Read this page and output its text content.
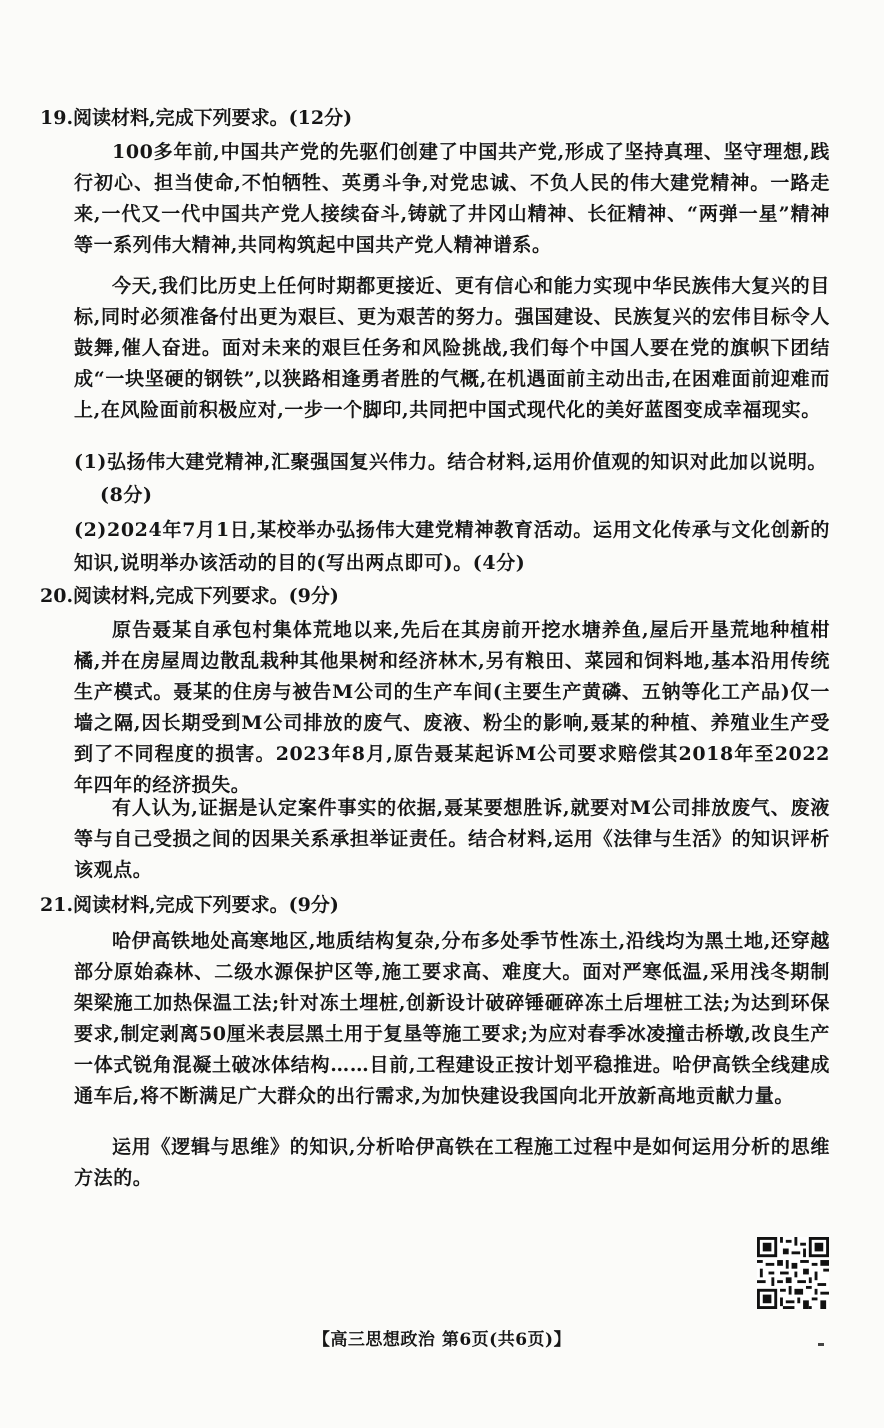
19.阅读材料,完成下列要求。(12分)
100多年前,中国共产党的先驱们创建了中国共产党,形成了坚持真理、坚守理想,践行初心、担当使命,不怕牺牲、英勇斗争,对党忠诚、不负人民的伟大建党精神。一路走来,一代又一代中国共产党人接续奋斗,铸就了井冈山精神、长征精神、“两弹一星”精神等一系列伟大精神,共同构筑起中国共产党人精神谱系。
今天,我们比历史上任何时期都更接近、更有信心和能力实现中华民族伟大复兴的目标,同时必须准备付出更为艰巨、更为艰苦的努力。强国建设、民族复兴的宏伟目标令人鼓舞,催人奋进。面对未来的艰巨任务和风险挑战,我们每个中国人要在党的旗帜下团结成“一块坚硬的钢铁”,以狭路相逢勇者胜的气概,在机遇面前主动出击,在困难面前迎难而上,在风险面前积极应对,一步一个脚印,共同把中国式现代化的美好蓝图变成幸福现实。
(1)弘扬伟大建党精神,汇聚强国复兴伟力。结合材料,运用价值观的知识对此加以说明。
(8分)
(2)2024年7月1日,某校举办弘扬伟大建党精神教育活动。运用文化传承与文化创新的知识,说明举办该活动的目的(写出两点即可)。(4分)
20.阅读材料,完成下列要求。(9分)
原告聂某自承包村集体荒地以来,先后在其房前开挖水塘养鱼,屋后开垦荒地种植柑橘,并在房屋周边散乱栽种其他果树和经济林木,另有粮田、菜园和饲料地,基本沿用传统生产模式。聂某的住房与被告M公司的生产车间(主要生产黄磷、五钠等化工产品)仅一墙之隔,因长期受到M公司排放的废气、废液、粉尘的影响,聂某的种植、养殖业生产受到了不同程度的损害。2023年8月,原告聂某起诉M公司要求赔偿其2018年至2022年四年的经济损失。
有人认为,证据是认定案件事实的依据,聂某要想胜诉,就要对M公司排放废气、废液等与自己受损之间的因果关系承担举证责任。结合材料,运用《法律与生活》的知识评析该观点。
21.阅读材料,完成下列要求。(9分)
哈伊高铁地处高寒地区,地质结构复杂,分布多处季节性冻土,沿线均为黑土地,还穿越部分原始森林、二级水源保护区等,施工要求高、难度大。面对严寒低温,采用浅冬期制架梁施工加热保温工法;针对冻土埋桩,创新设计破碎锤砸碎冻土后埋桩工法;为达到环保要求,制定剥离50厘米表层黑土用于复垦等施工要求;为应对春季冰凌撞击桥墩,改良生产一体式锐角混凝土破冰体结构……目前,工程建设正按计划平稳推进。哈伊高铁全线建成通车后,将不断满足广大群众的出行需求,为加快建设我国向北开放新高地贡献力量。
运用《逻辑与思维》的知识,分析哈伊高铁在工程施工过程中是如何运用分析的思维方法的。
【高三思想政治 第6页(共6页)】
